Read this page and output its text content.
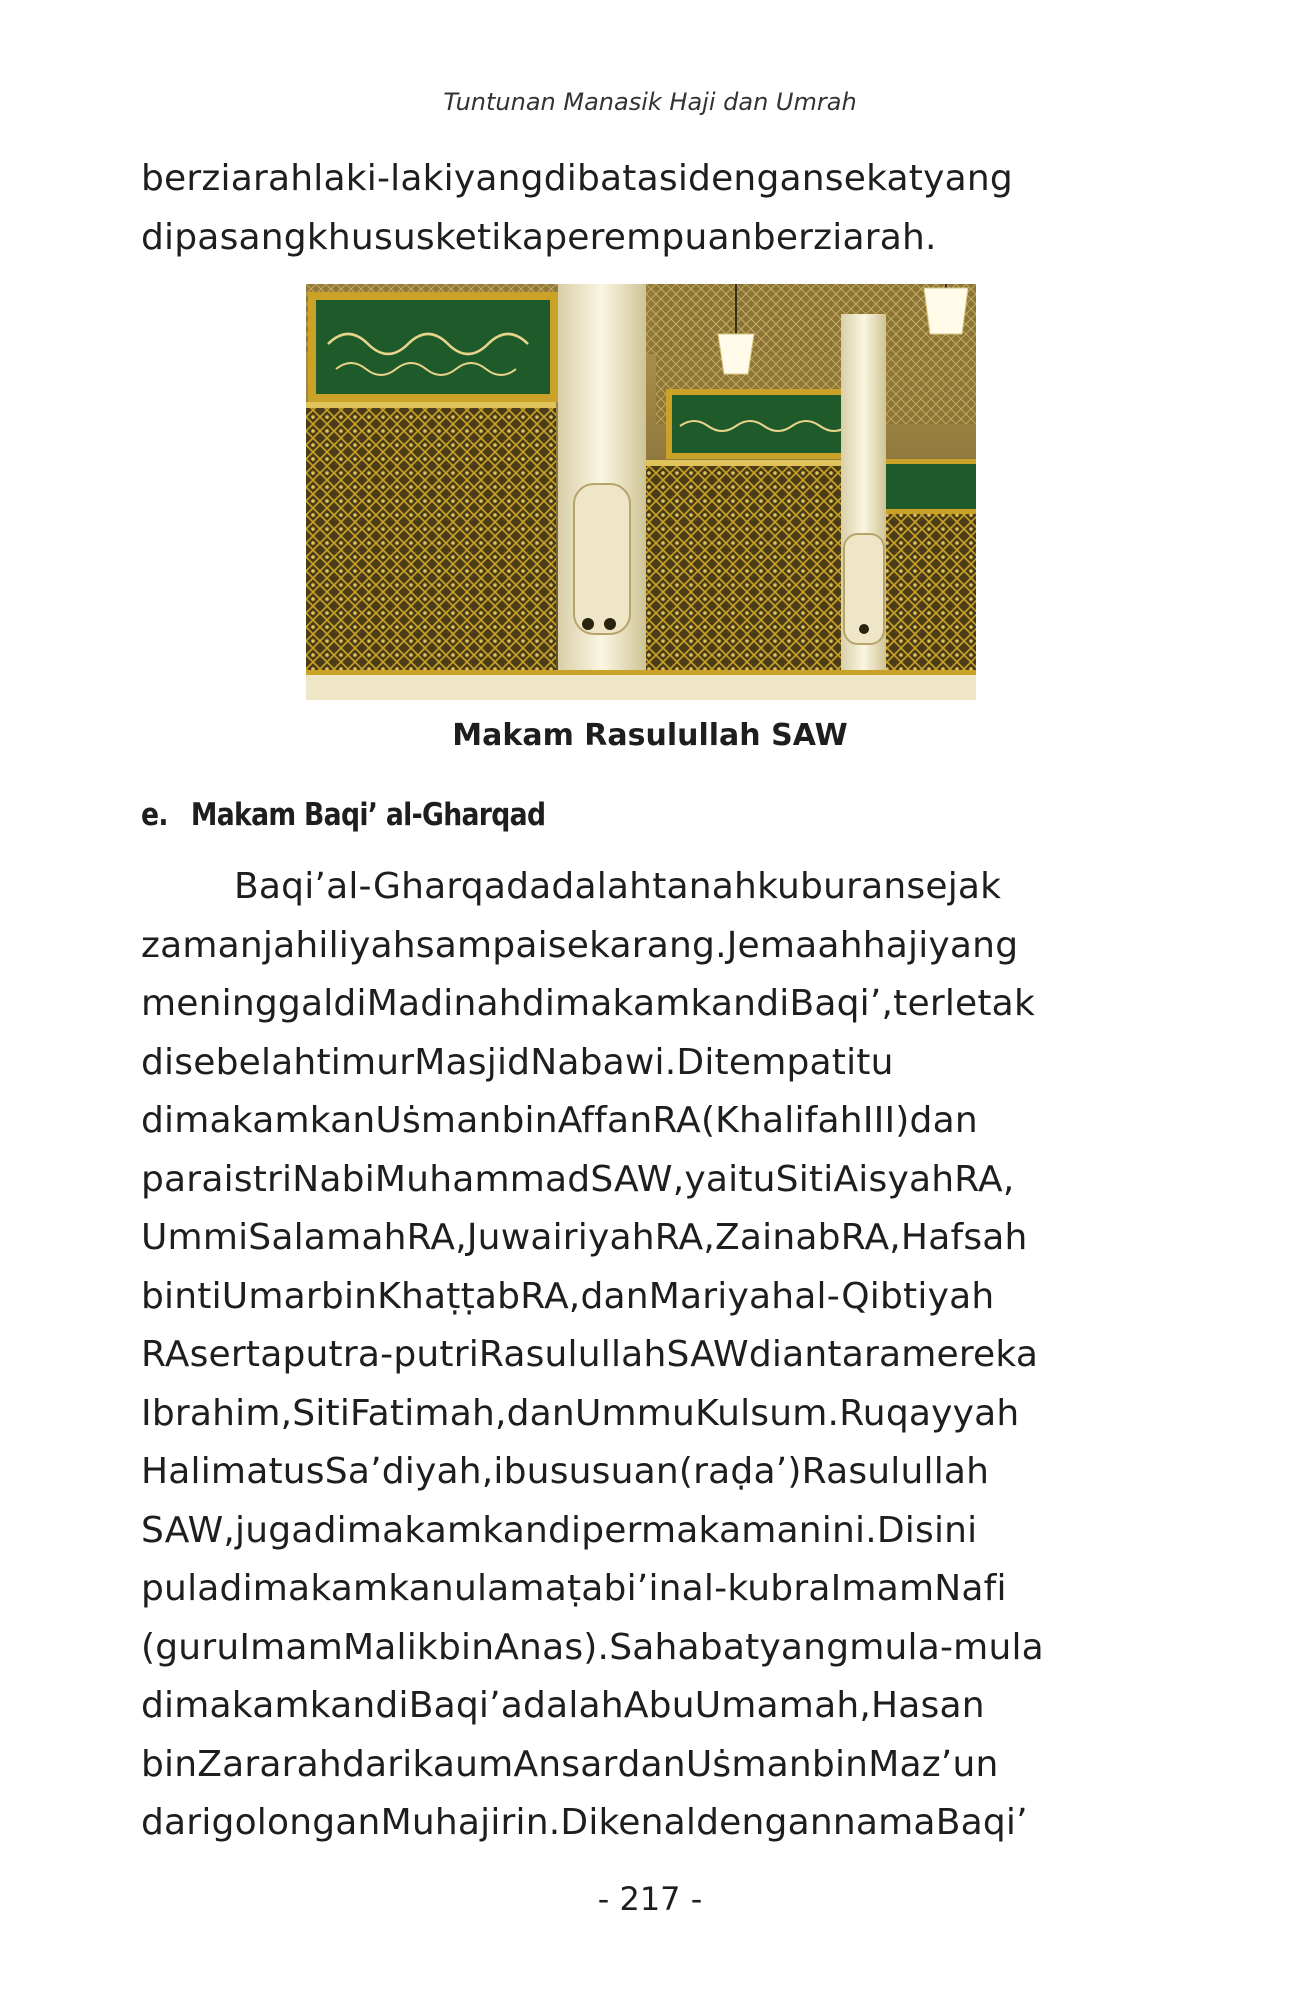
Tuntunan Manasik Haji dan Umrah
berziarahlaki-lakiyangdibatasidengansekatyang
dipasangkhususketikaperempuanberziarah.
Makam Rasulullah SAW
e. Makam Baqi’ al-Gharqad
Baqi’al-Gharqadadalahtanahkuburansejak
zamanjahiliyahsampaisekarang.Jemaahhajiyang
meninggaldiMadinahdimakamkandiBaqi’,terletak
disebelahtimurMasjidNabawi.Ditempatitu
dimakamkanUṡmanbinAffanRA(KhalifahIII)dan
paraistriNabiMuhammadSAW,yaituSitiAisyahRA,
UmmiSalamahRA,JuwairiyahRA,ZainabRA,Hafsah
bintiUmarbinKhaṭṭabRA,danMariyahal-Qibtiyah
RAsertaputra-putriRasulullahSAWdiantaramereka
Ibrahim,SitiFatimah,danUmmuKulsum.Ruqayyah
HalimatusSa’diyah,ibususuan(raḍa’)Rasulullah
SAW,jugadimakamkandipermakamanini.Disini
puladimakamkanulamaṭabi’inal-kubraImamNafi
(guruImamMalikbinAnas).Sahabatyangmula-mula
dimakamkandiBaqi’adalahAbuUmamah,Hasan
binZararahdarikaumAnsardanUṡmanbinMaz’un
darigolonganMuhajirin.DikenaldengannamaBaqi’
- 217 -
